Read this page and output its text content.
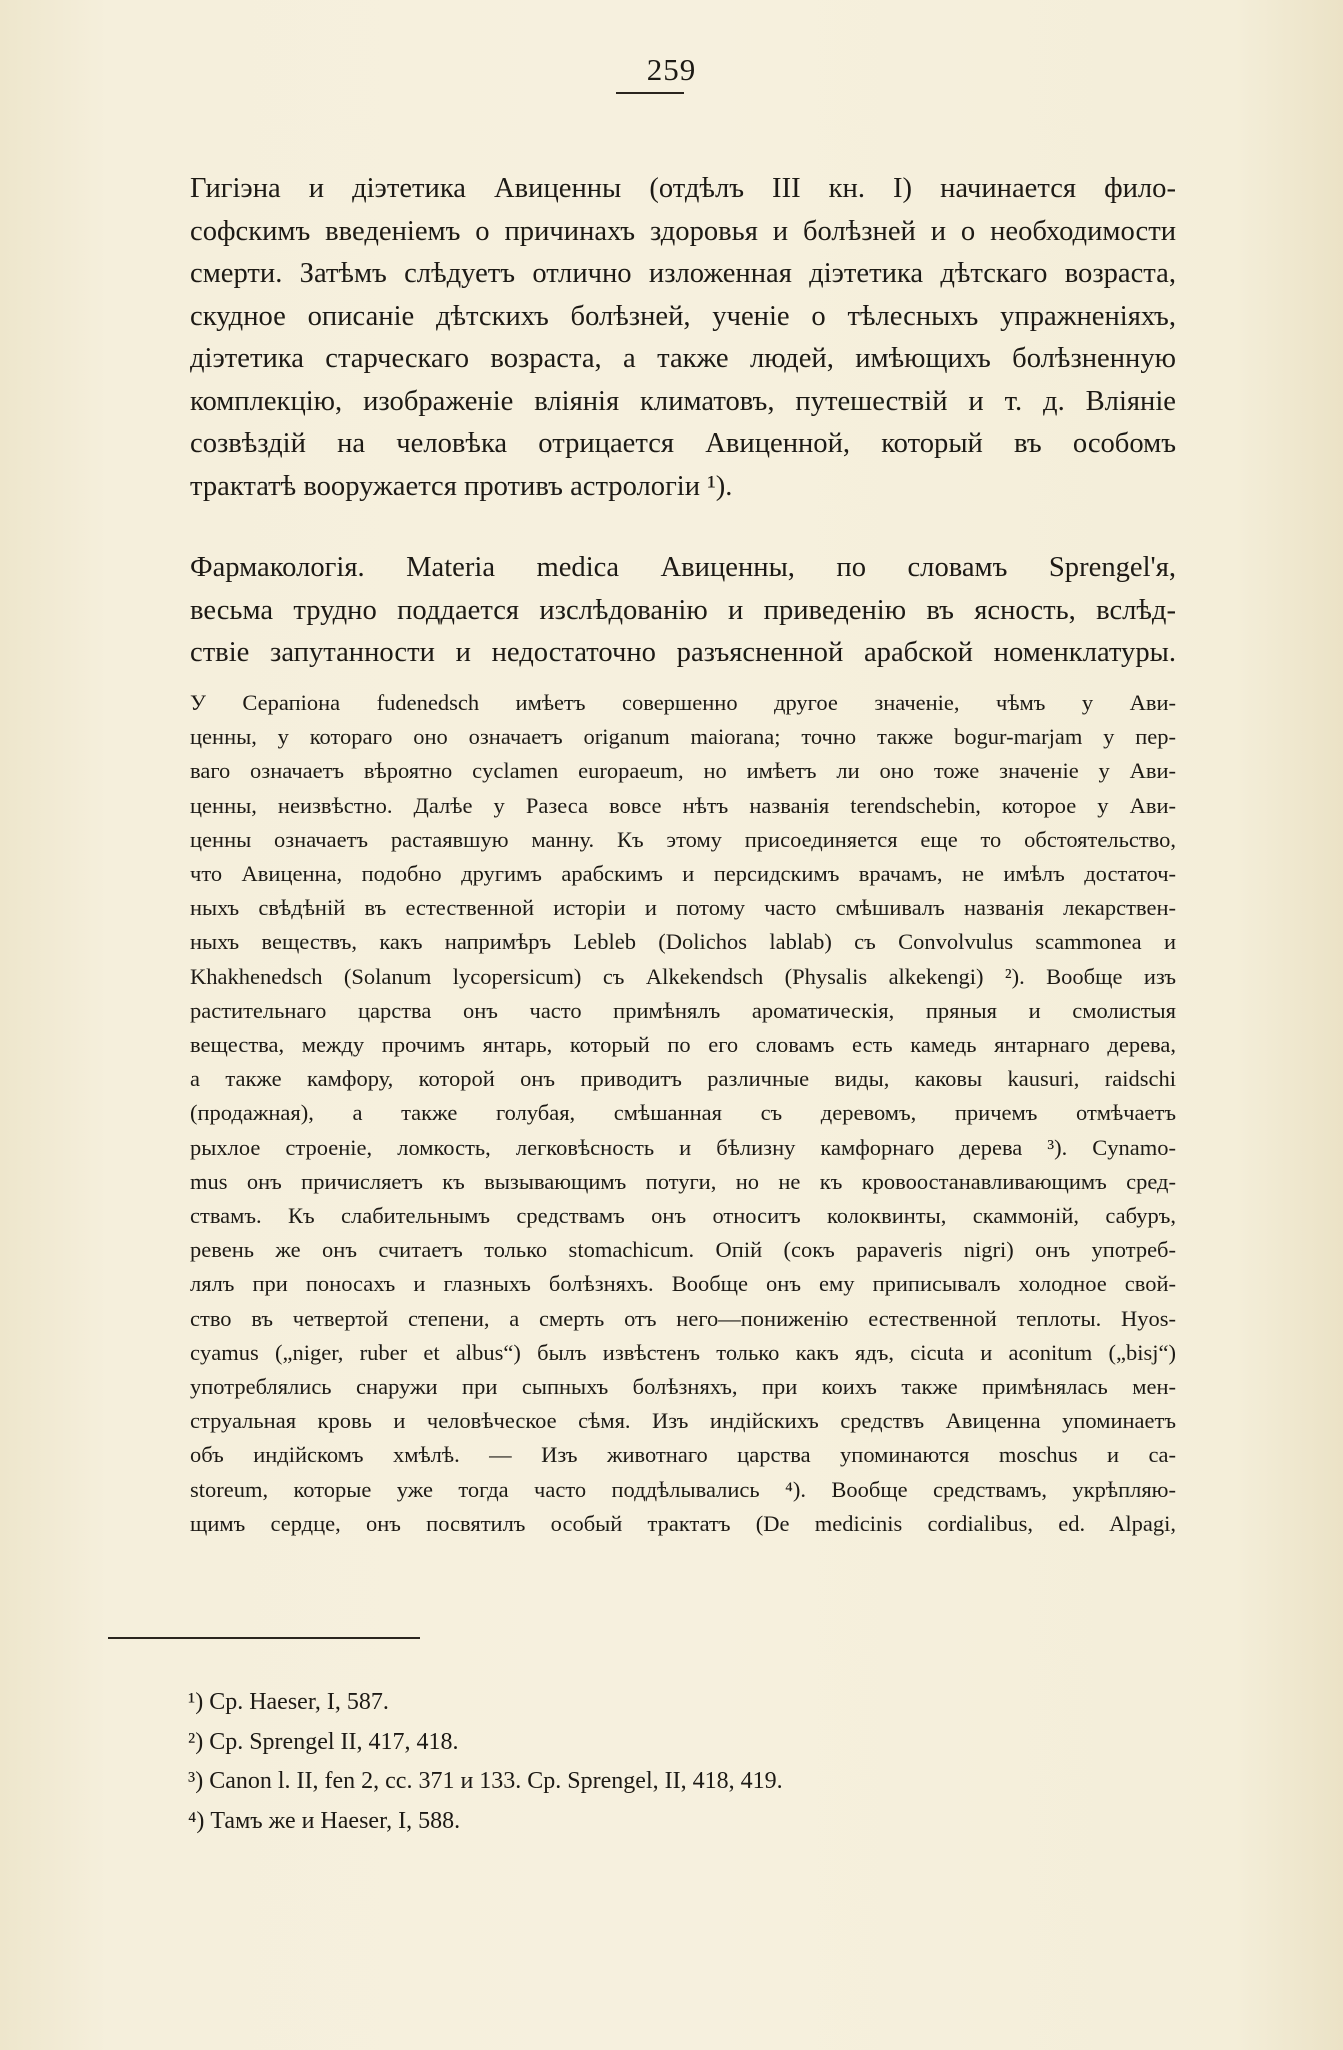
259
Гигіэна и діэтетика Авиценны (отдѣлъ III кн. I) начинается фило-
софскимъ введеніемъ о причинахъ здоровья и болѣзней и о необходимости
смерти. Затѣмъ слѣдуетъ отлично изложенная діэтетика дѣтскаго возраста,
скудное описаніе дѣтскихъ болѣзней, ученіе о тѣлесныхъ упражненіяхъ,
діэтетика старческаго возраста, а также людей, имѣющихъ болѣзненную
комплекцію, изображеніе вліянія климатовъ, путешествій и т. д. Вліяніе
созвѣздій на человѣка отрицается Авиценной, который въ особомъ
трактатѣ вооружается противъ астрологіи ¹).
Фармакологія. Materia medica Авиценны, по словамъ Sprengel'я,
весьма трудно поддается изслѣдованію и приведенію въ ясность, вслѣд-
ствіе запутанности и недостаточно разъясненной арабской номенклатуры.
У Серапіона fudenedsch имѣетъ совершенно другое значеніе, чѣмъ у Ави-
ценны, у котораго оно означаетъ origanum maiorana; точно также bogur-marjam у пер-
ваго означаетъ вѣроятно cyclamen europaeum, но имѣетъ ли оно тоже значеніе у Ави-
ценны, неизвѣстно. Далѣе у Разеса вовсе нѣтъ названія terendschebin, которое у Ави-
ценны означаетъ растаявшую манну. Къ этому присоединяется еще то обстоятельство,
что Авиценна, подобно другимъ арабскимъ и персидскимъ врачамъ, не имѣлъ достаточ-
ныхъ свѣдѣній въ естественной исторіи и потому часто смѣшивалъ названія лекарствен-
ныхъ веществъ, какъ напримѣръ Lebleb (Dolichos lablab) съ Convolvulus scammonea и
Khakhenedsch (Solanum lycopersicum) съ Alkekendsch (Physalis alkekengi) ²). Вообще изъ
растительнаго царства онъ часто примѣнялъ ароматическія, пряныя и смолистыя
вещества, между прочимъ янтарь, который по его словамъ есть камедь янтарнаго дерева,
а также камфору, которой онъ приводитъ различные виды, каковы kausuri, raidschi
(продажная), а также голубая, смѣшанная съ деревомъ, причемъ отмѣчаетъ
рыхлое строеніе, ломкость, легковѣсность и бѣлизну камфорнаго дерева ³). Cynamo-
mus онъ причисляетъ къ вызывающимъ потуги, но не къ кровоостанавливающимъ сред-
ствамъ. Къ слабительнымъ средствамъ онъ относитъ колоквинты, скаммоній, сабуръ,
ревень же онъ считаетъ только stomachicum. Опій (сокъ papaveris nigri) онъ употреб-
лялъ при поносахъ и глазныхъ болѣзняхъ. Вообще онъ ему приписывалъ холодное свой-
ство въ четвертой степени, а смерть отъ него—пониженію естественной теплоты. Hyos-
cyamus („niger, ruber et albus“) былъ извѣстенъ только какъ ядъ, cicuta и aconitum („bisj“)
употреблялись снаружи при сыпныхъ болѣзняхъ, при коихъ также примѣнялась мен-
струальная кровь и человѣческое сѣмя. Изъ индійскихъ средствъ Авиценна упоминаетъ
объ индійскомъ хмѣлѣ. — Изъ животнаго царства упоминаются moschus и ca-
storeum, которые уже тогда часто поддѣлывались ⁴). Вообще средствамъ, укрѣпляю-
щимъ сердце, онъ посвятилъ особый трактатъ (De medicinis cordialibus, ed. Alpagi,
¹) Ср. Haeser, I, 587.
²) Ср. Sprengel II, 417, 418.
³) Canon l. II, fen 2, cc. 371 и 133. Ср. Sprengel, II, 418, 419.
⁴) Тамъ же и Haeser, I, 588.
